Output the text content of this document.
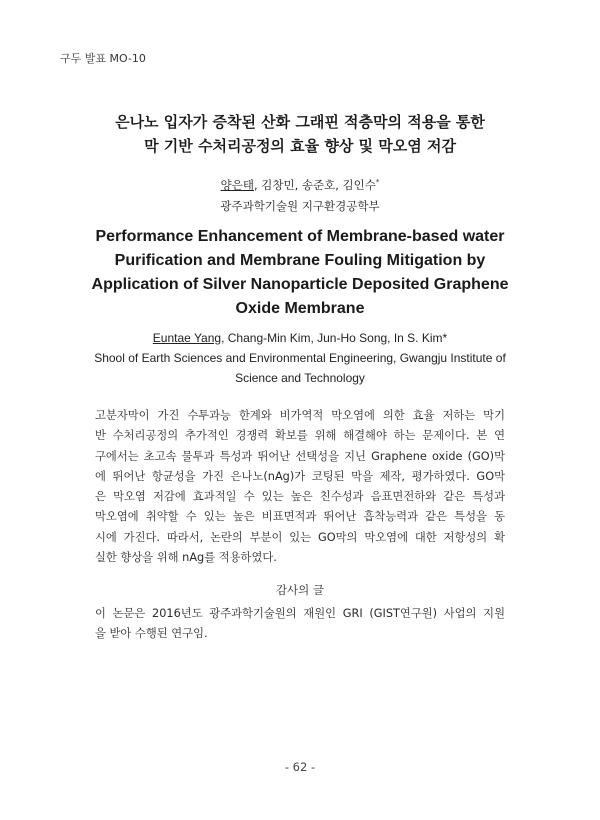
구두 발표 MO-10
은나노 입자가 증착된 산화 그래핀 적층막의 적용을 통한
막 기반 수처리공정의 효율 향상 및 막오염 저감
양은태, 김창민, 송준호, 김인수*
광주과학기술원 지구환경공학부
Performance Enhancement of Membrane-based water
Purification and Membrane Fouling Mitigation by
Application of Silver Nanoparticle Deposited Graphene
Oxide Membrane
Euntae Yang, Chang-Min Kim, Jun-Ho Song, In S. Kim*
Shool of Earth Sciences and Environmental Engineering, Gwangju Institute of
Science and Technology
고분자막이 가진 수투과능 한계와 비가역적 막오염에 의한 효율 저하는 막기
반 수처리공정의 추가적인 경쟁력 확보를 위해 해결해야 하는 문제이다. 본 연
구에서는 초고속 물투과 특성과 뛰어난 선택성을 지닌 Graphene oxide (GO)막
에 뛰어난 항균성을 가진 은나노(nAg)가 코팅된 막을 제작, 평가하였다. GO막
은 막오염 저감에 효과적일 수 있는 높은 친수성과 음표면전하와 같은 특성과
막오염에 취약할 수 있는 높은 비표면적과 뛰어난 흡착능력과 같은 특성을 동
시에 가진다. 따라서, 논란의 부분이 있는 GO막의 막오염에 대한 저항성의 확
실한 향상을 위해 nAg를 적용하였다.
감사의 글
이 논문은 2016년도 광주과학기술원의 재원인 GRI (GIST연구원) 사업의 지원
을 받아 수행된 연구임.
- 62 -
